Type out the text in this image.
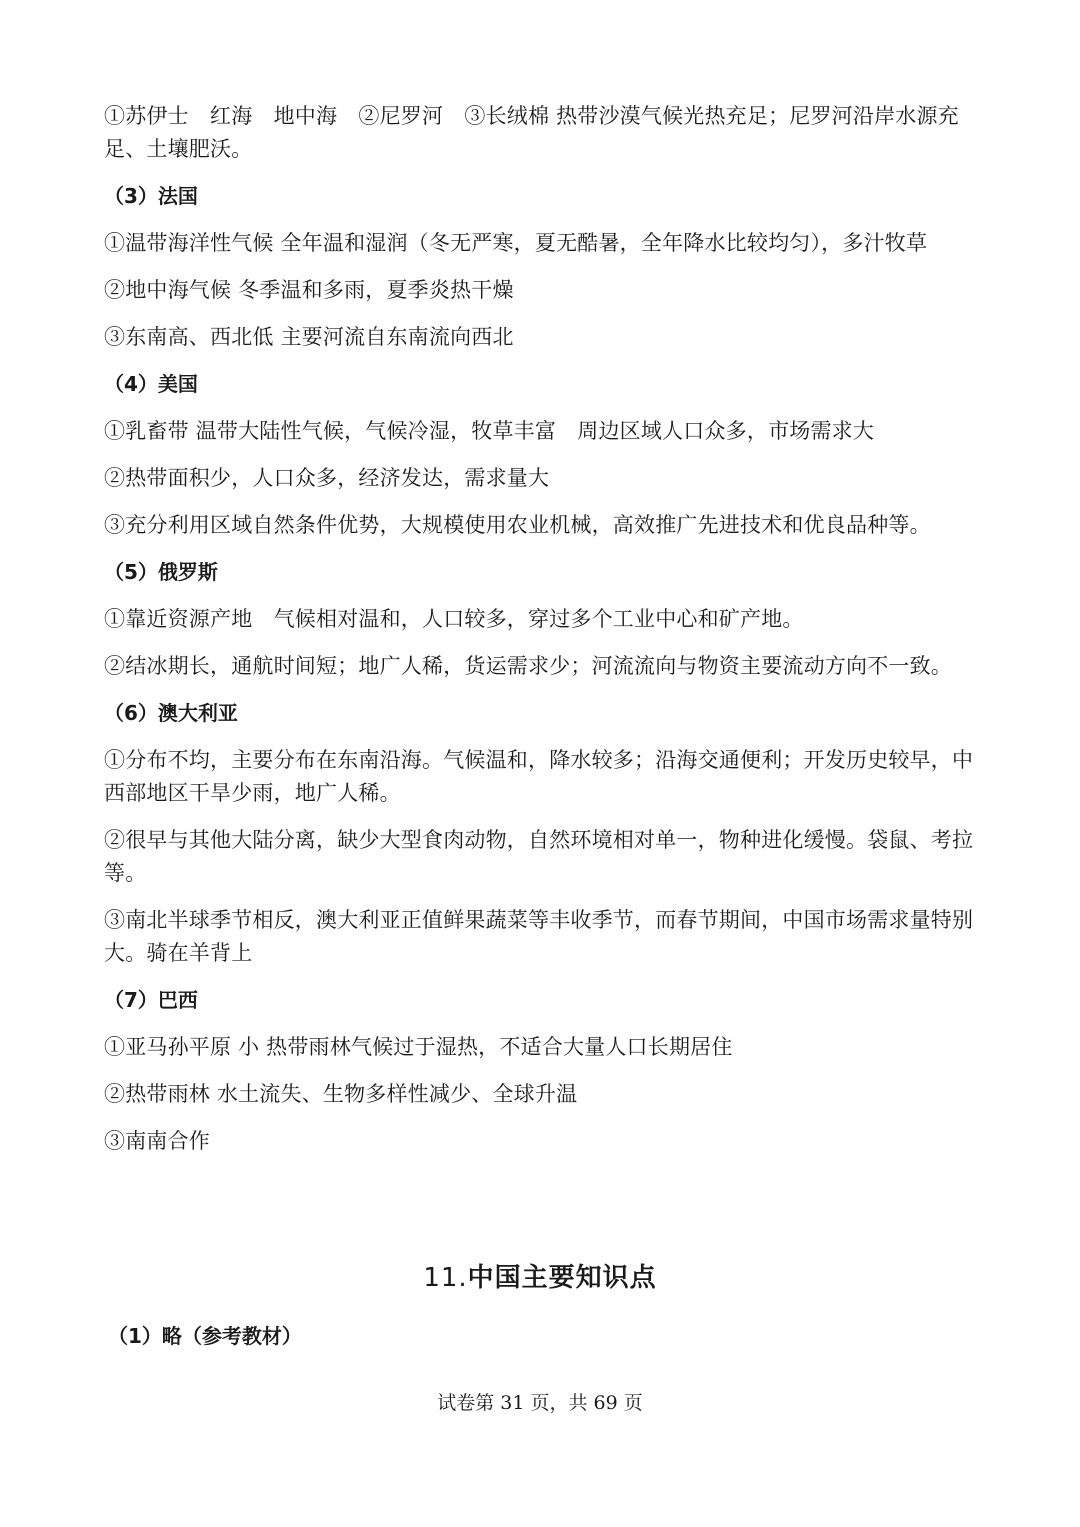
①苏伊士　红海　地中海　②尼罗河　③长绒棉 热带沙漠气候光热充足；尼罗河沿岸水源充足、土壤肥沃。
（3）法国
①温带海洋性气候 全年温和湿润（冬无严寒，夏无酷暑，全年降水比较均匀），多汁牧草
②地中海气候 冬季温和多雨，夏季炎热干燥
③东南高、西北低 主要河流自东南流向西北
（4）美国
①乳畜带 温带大陆性气候，气候冷湿，牧草丰富　周边区域人口众多，市场需求大
②热带面积少，人口众多，经济发达，需求量大
③充分利用区域自然条件优势，大规模使用农业机械，高效推广先进技术和优良品种等。
（5）俄罗斯
①靠近资源产地　气候相对温和，人口较多，穿过多个工业中心和矿产地。
②结冰期长，通航时间短；地广人稀，货运需求少；河流流向与物资主要流动方向不一致。
（6）澳大利亚
①分布不均，主要分布在东南沿海。气候温和，降水较多；沿海交通便利；开发历史较早，中西部地区干旱少雨，地广人稀。
②很早与其他大陆分离，缺少大型食肉动物，自然环境相对单一，物种进化缓慢。袋鼠、考拉等。
③南北半球季节相反，澳大利亚正值鲜果蔬菜等丰收季节，而春节期间，中国市场需求量特别大。骑在羊背上
（7）巴西
①亚马孙平原 小 热带雨林气候过于湿热，不适合大量人口长期居住
②热带雨林 水土流失、生物多样性减少、全球升温
③南南合作
11.中国主要知识点
（1）略（参考教材）
试卷第 31 页，共 69 页
